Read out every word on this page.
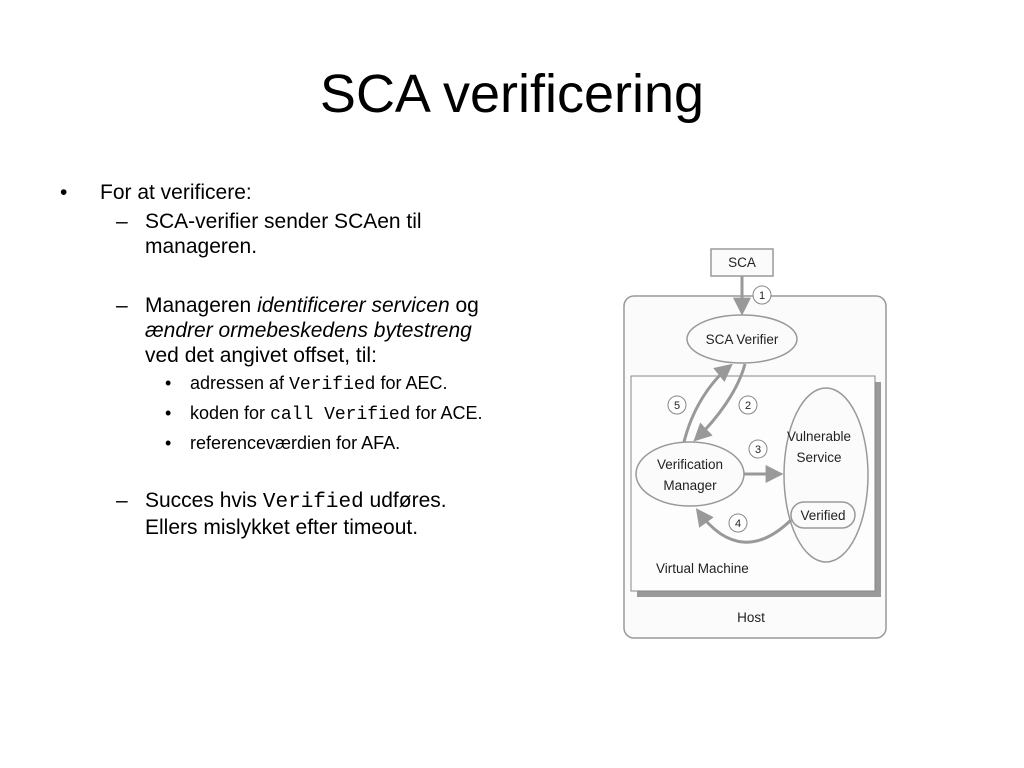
SCA verificering

• For at verificere:

– SCA-verifier sender SCAen til manageren.

– Manageren identificerer servicen og ændrer ormebeskedens bytestreng ved det angivet offset, til:

• adressen af Verified for AEC.

• koden for call Verified for ACE.

• referenceværdien for AFA.

– Succes hvis Verified udføres. Ellers mislykket efter timeout.

1
2
3
4
5
SCA
SCA Verifier
Verification
Manager
Vulnerable
Service
Verified
Virtual Machine
Host
